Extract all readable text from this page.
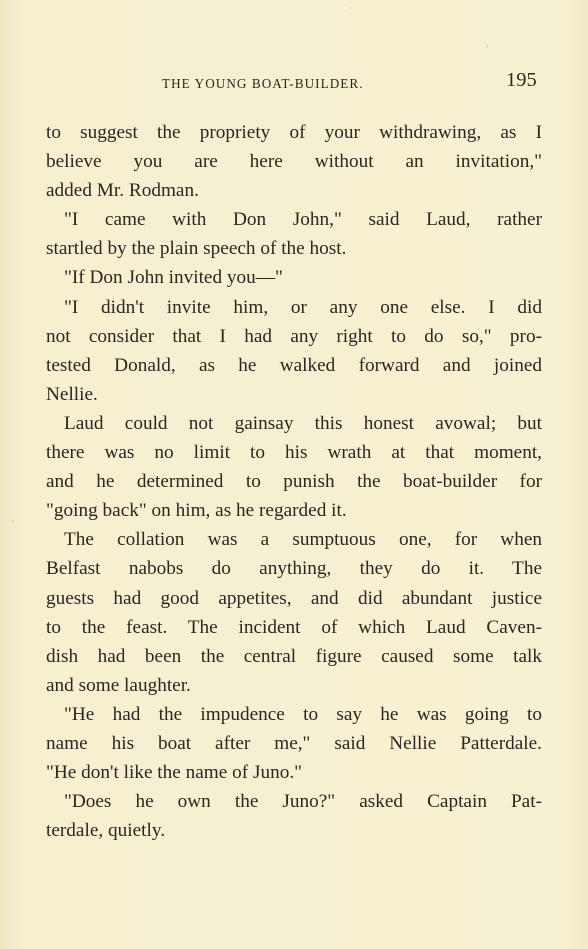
THE YOUNG BOAT-BUILDER.	195

to suggest the propriety of your withdrawing, as I
believe you are here without an invitation,"
added Mr. Rodman.

"I came with Don John," said Laud, rather
startled by the plain speech of the host.

"If Don John invited you—"

"I didn't invite him, or any one else. I did
not consider that I had any right to do so," pro-
tested Donald, as he walked forward and joined
Nellie.

Laud could not gainsay this honest avowal; but
there was no limit to his wrath at that moment,
and he determined to punish the boat-builder for
"going back" on him, as he regarded it.

The collation was a sumptuous one, for when
Belfast nabobs do anything, they do it. The
guests had good appetites, and did abundant justice
to the feast. The incident of which Laud Caven-
dish had been the central figure caused some talk
and some laughter.

"He had the impudence to say he was going to
name his boat after me," said Nellie Patterdale.
"He don't like the name of Juno."

"Does he own the Juno?" asked Captain Pat-
terdale, quietly.
